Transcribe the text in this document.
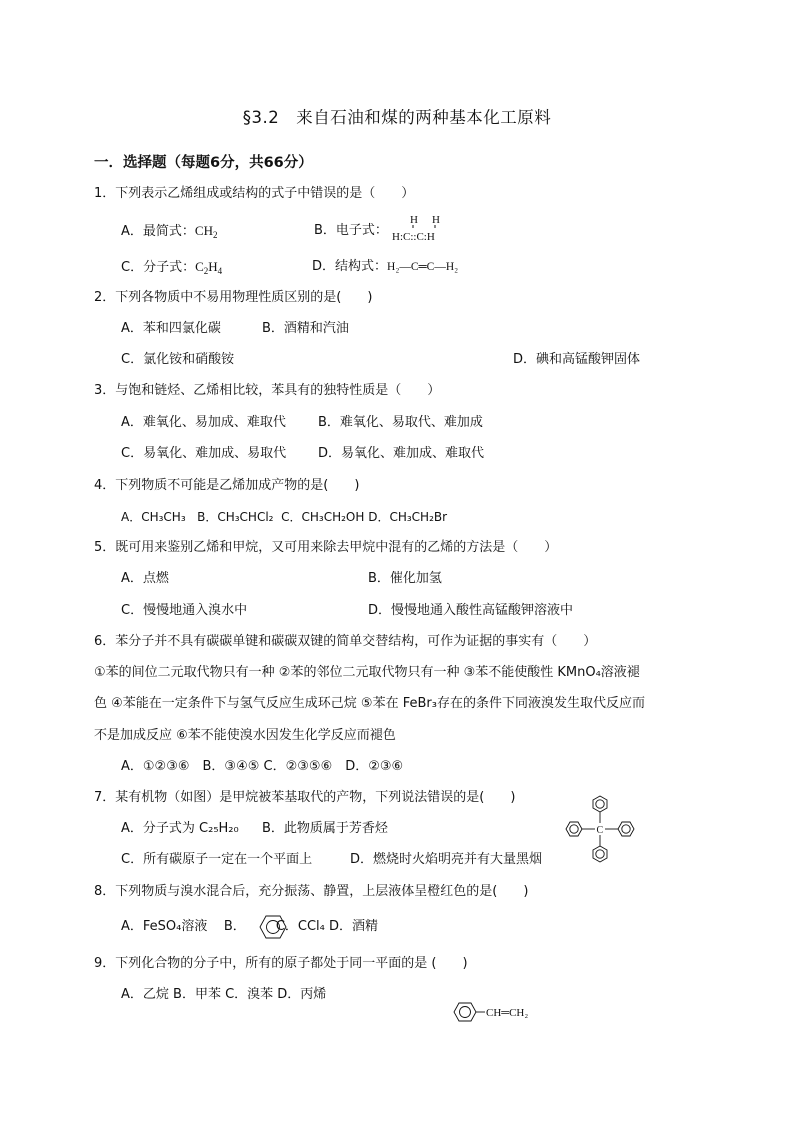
§3.2　来自石油和煤的两种基本化工原料
一．选择题（每题6分，共66分）
1．下列表示乙烯组成或结构的式子中错误的是（　　）
A．最简式：$CH_2$	B．电子式：
H H
H:C::C:H
C．分子式：$C_2H_4$	D．结构式：H₂—C═C—H₂
2．下列各物质中不易用物理性质区别的是(　　)
A．苯和四氯化碳	B．酒精和汽油
C．氯化铵和硝酸铵	D．碘和高锰酸钾固体
3．与饱和链烃、乙烯相比较，苯具有的独特性质是（　　）
A．难氧化、易加成、难取代 B．难氧化、易取代、难加成
C．易氧化、难加成、易取代 D．易氧化、难加成、难取代
4．下列物质不可能是乙烯加成产物的是(　　)
A．CH₃CH₃ B．CH₃CHCl₂ C．CH₃CH₂OH D．CH₃CH₂Br
5．既可用来鉴别乙烯和甲烷，又可用来除去甲烷中混有的乙烯的方法是（　　）
A．点燃	B．催化加氢
C．慢慢地通入溴水中	D．慢慢地通入酸性高锰酸钾溶液中
6．苯分子并不具有碳碳单键和碳碳双键的简单交替结构，可作为证据的事实有（　　）
①苯的间位二元取代物只有一种 ②苯的邻位二元取代物只有一种 ③苯不能使酸性 KMnO₄溶液褪
色 ④苯能在一定条件下与氢气反应生成环己烷 ⑤苯在 FeBr₃存在的条件下同液溴发生取代反应而
不是加成反应 ⑥苯不能使溴水因发生化学反应而褪色
A．①②③⑥　B．③④⑤ C．②③⑤⑥　D．②③⑥
7．某有机物（如图）是甲烷被苯基取代的产物，下列说法错误的是(　　)
A．分子式为 C₂₅H₂₀ B．此物质属于芳香烃
C．所有碳原子一定在一个平面上	D．燃烧时火焰明亮并有大量黑烟
C
8．下列物质与溴水混合后，充分振荡、静置，上层液体呈橙红色的是(　　)
A．FeSO₄溶液 B． C．CCl₄ D．酒精
9．下列化合物的分子中，所有的原子都处于同一平面的是 (　　)
A．乙烷 B．甲苯 C．溴苯 D．丙烯
CH═CH₂
